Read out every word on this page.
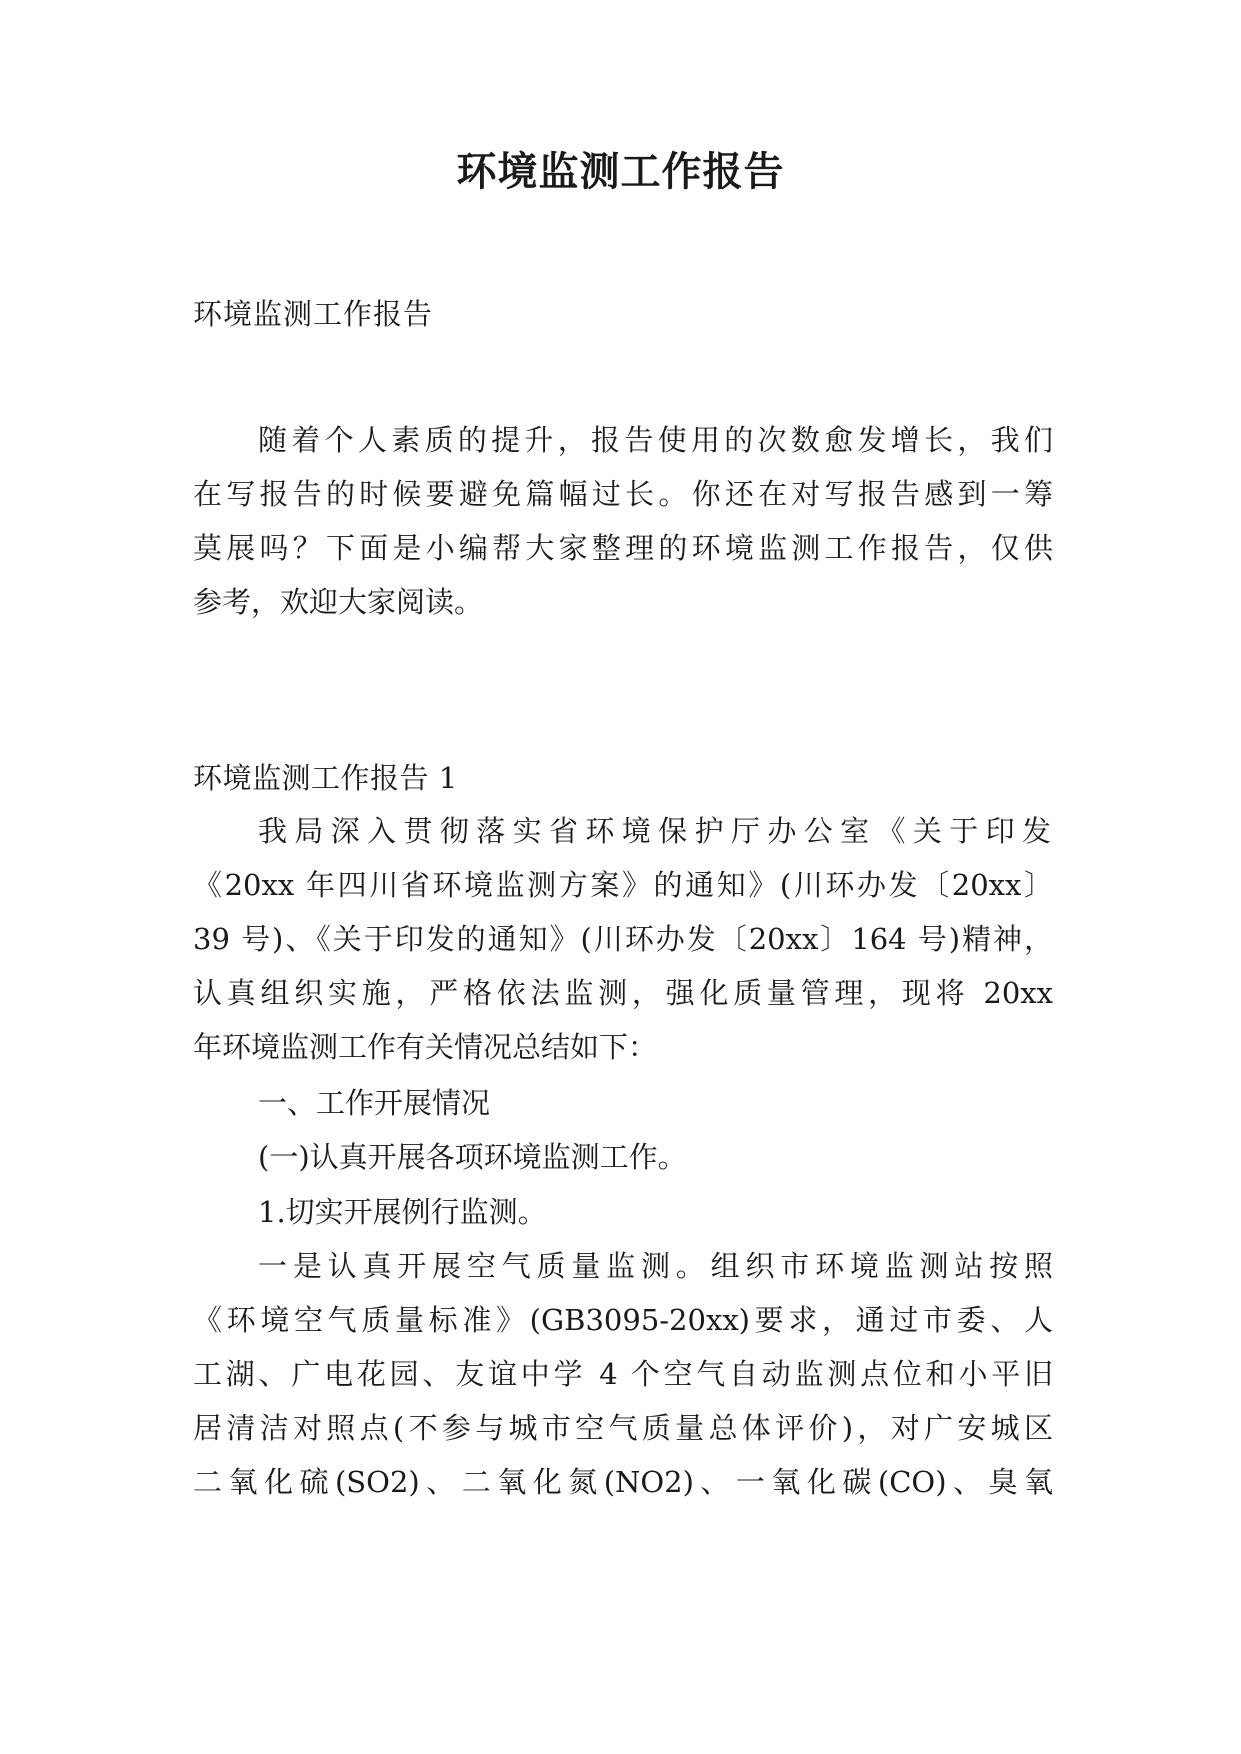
环境监测工作报告

环境监测工作报告

随着个人素质的提升，报告使用的次数愈发增长，我们

在写报告的时候要避免篇幅过长。你还在对写报告感到一筹

莫展吗？下面是小编帮大家整理的环境监测工作报告，仅供

参考，欢迎大家阅读。

环境监测工作报告 1

我局深入贯彻落实省环境保护厅办公室《关于印发

《20xx 年四川省环境监测方案》的通知》(川环办发〔20xx〕

39 号)、《关于印发的通知》(川环办发〔20xx〕164 号)精神，

认真组织实施，严格依法监测，强化质量管理，现将 20xx

年环境监测工作有关情况总结如下：

一、工作开展情况

(一)认真开展各项环境监测工作。

1.切实开展例行监测。

一是认真开展空气质量监测。组织市环境监测站按照

《环境空气质量标准》(GB3095-20xx)要求，通过市委、人

工湖、广电花园、友谊中学 4 个空气自动监测点位和小平旧

居清洁对照点(不参与城市空气质量总体评价)，对广安城区

二氧化硫(SO2)、二氧化氮(NO2)、一氧化碳(CO)、臭氧
